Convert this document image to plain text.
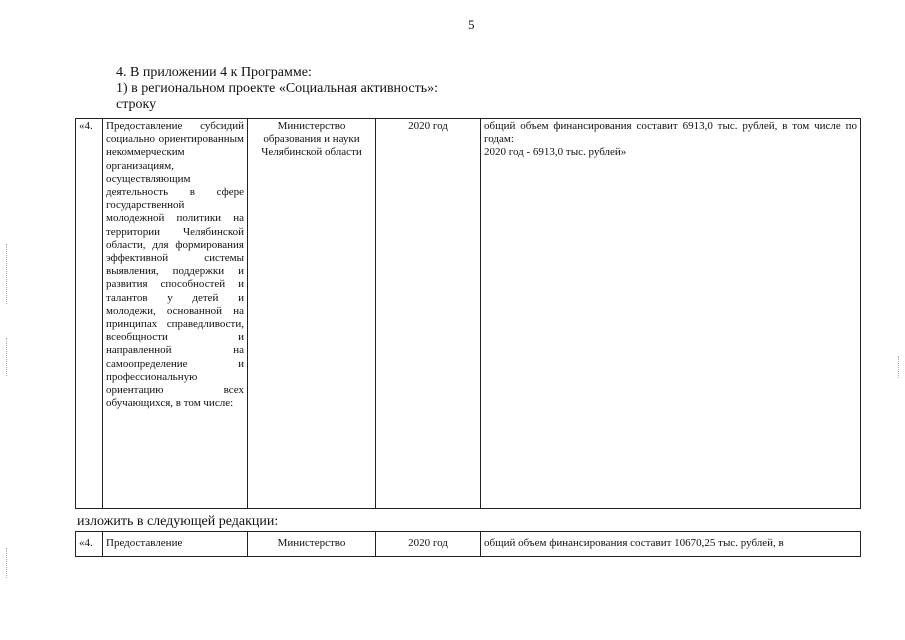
5
4. В приложении 4 к Программе:
1) в региональном проекте «Социальная активность»:
строку
«4.	Предоставление субсидий социально ориентированным некоммерческим организациям, осуществляющим деятельность в сфере государственной молодежной политики на территории Челябинской области, для формирования эффективной системы выявления, поддержки и развития способностей и талантов у детей и молодежи, основанной на принципах справедливости, всеобщности и направленной на самоопределение и профессиональную ориентацию всех обучающихся, в том числе:	Министерство образования и науки Челябинской области	2020 год	общий объем финансирования составит 6913,0 тыс. рублей, в том числе по годам:
2020 год - 6913,0 тыс. рублей»
изложить в следующей редакции:
«4.	Предоставление	Министерство	2020 год	общий объем финансирования составит 10670,25 тыс. рублей, в
